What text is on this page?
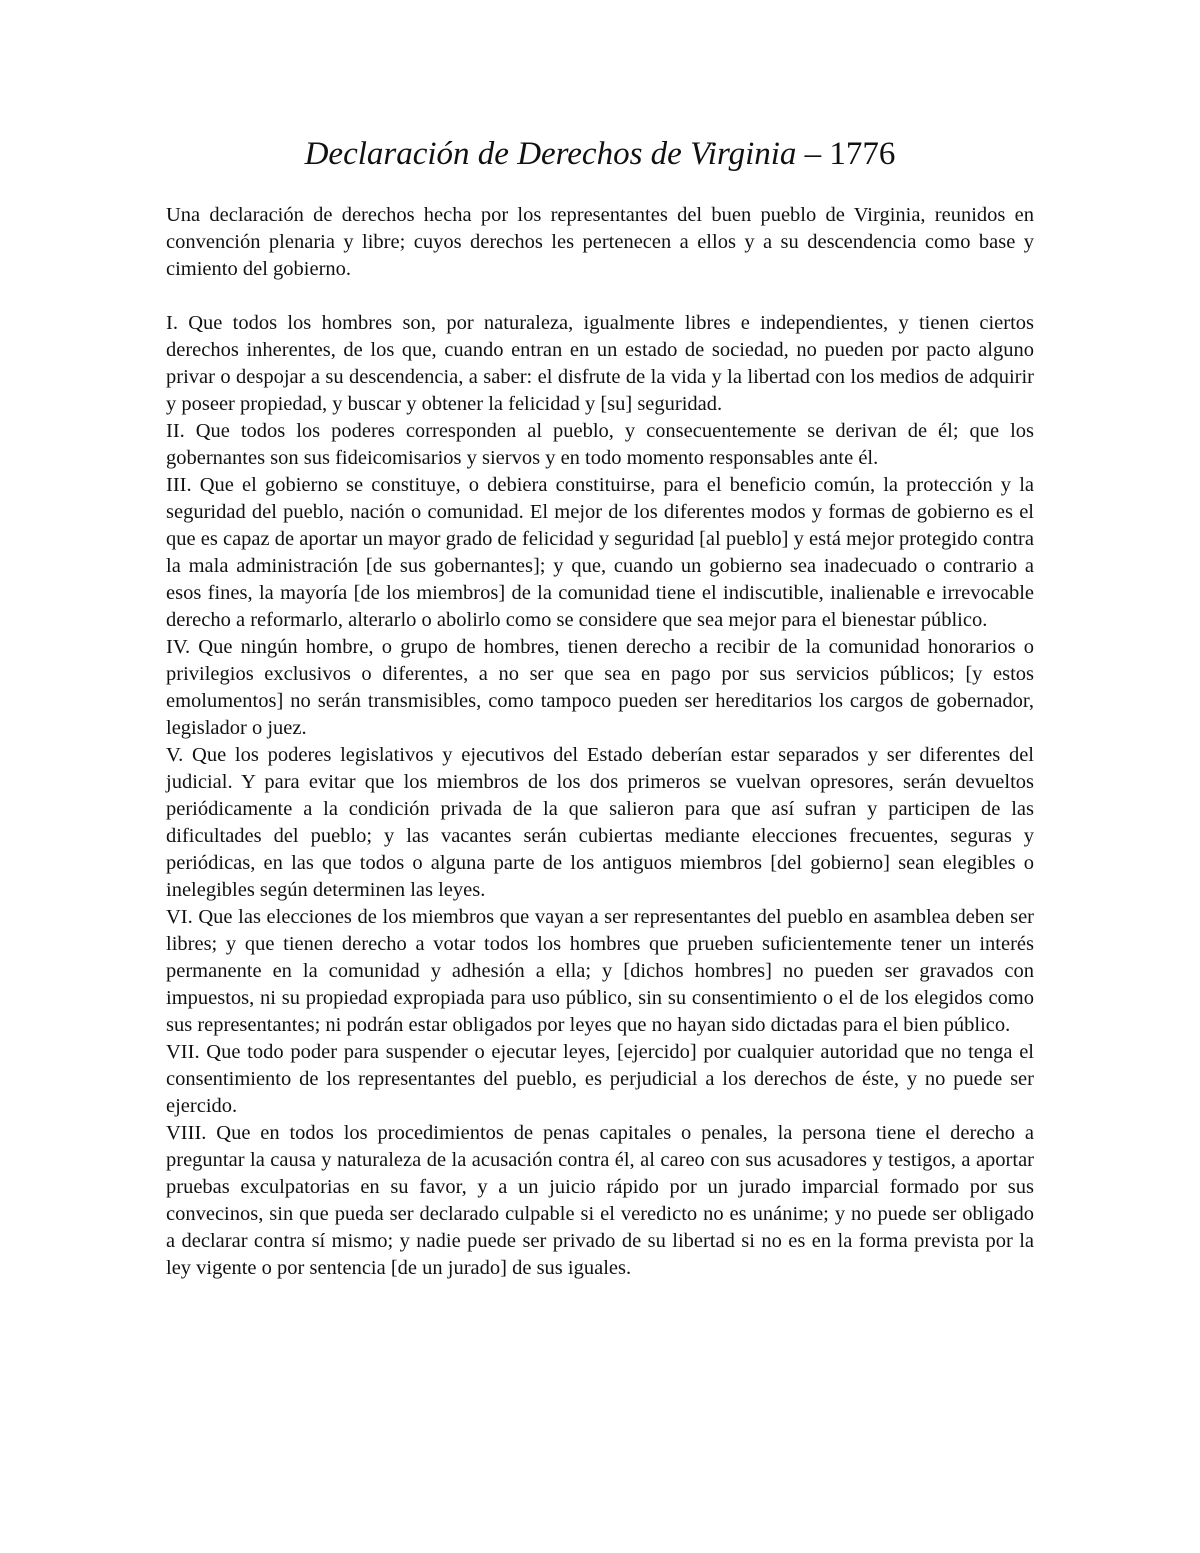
Declaración de Derechos de Virginia – 1776

Una declaración de derechos hecha por los representantes del buen pueblo de Virginia, reunidos en convención plenaria y libre; cuyos derechos les pertenecen a ellos y a su descendencia como base y cimiento del gobierno.

I. Que todos los hombres son, por naturaleza, igualmente libres e independientes, y tienen ciertos derechos inherentes, de los que, cuando entran en un estado de sociedad, no pueden por pacto alguno privar o despojar a su descendencia, a saber: el disfrute de la vida y la libertad con los medios de adquirir y poseer propiedad, y buscar y obtener la felicidad y [su] seguridad.

II. Que todos los poderes corresponden al pueblo, y consecuentemente se derivan de él; que los gobernantes son sus fideicomisarios y siervos y en todo momento responsables ante él.

III. Que el gobierno se constituye, o debiera constituirse, para el beneficio común, la protección y la seguridad del pueblo, nación o comunidad. El mejor de los diferentes modos y formas de gobierno es el que es capaz de aportar un mayor grado de felicidad y seguridad [al pueblo] y está mejor protegido contra la mala administración [de sus gobernantes]; y que, cuando un gobierno sea inadecuado o contrario a esos fines, la mayoría [de los miembros] de la comunidad tiene el indiscutible, inalienable e irrevocable derecho a reformarlo, alterarlo o abolirlo como se considere que sea mejor para el bienestar público.

IV. Que ningún hombre, o grupo de hombres, tienen derecho a recibir de la comunidad honorarios o privilegios exclusivos o diferentes, a no ser que sea en pago por sus servicios públicos; [y estos emolumentos] no serán transmisibles, como tampoco pueden ser hereditarios los cargos de gobernador, legislador o juez.

V. Que los poderes legislativos y ejecutivos del Estado deberían estar separados y ser diferentes del judicial. Y para evitar que los miembros de los dos primeros se vuelvan opresores, serán devueltos periódicamente a la condición privada de la que salieron para que así sufran y participen de las dificultades del pueblo; y las vacantes serán cubiertas mediante elecciones frecuentes, seguras y periódicas, en las que todos o alguna parte de los antiguos miembros [del gobierno] sean elegibles o inelegibles según determinen las leyes.

VI. Que las elecciones de los miembros que vayan a ser representantes del pueblo en asamblea deben ser libres; y que tienen derecho a votar todos los hombres que prueben suficientemente tener un interés permanente en la comunidad y adhesión a ella; y [dichos hombres] no pueden ser gravados con impuestos, ni su propiedad expropiada para uso público, sin su consentimiento o el de los elegidos como sus representantes; ni podrán estar obligados por leyes que no hayan sido dictadas para el bien público.

VII. Que todo poder para suspender o ejecutar leyes, [ejercido] por cualquier autoridad que no tenga el consentimiento de los representantes del pueblo, es perjudicial a los derechos de éste, y no puede ser ejercido.

VIII. Que en todos los procedimientos de penas capitales o penales, la persona tiene el derecho a preguntar la causa y naturaleza de la acusación contra él, al careo con sus acusadores y testigos, a aportar pruebas exculpatorias en su favor, y a un juicio rápido por un jurado imparcial formado por sus convecinos, sin que pueda ser declarado culpable si el veredicto no es unánime; y no puede ser obligado a declarar contra sí mismo; y nadie puede ser privado de su libertad si no es en la forma prevista por la ley vigente o por sentencia [de un jurado] de sus iguales.
